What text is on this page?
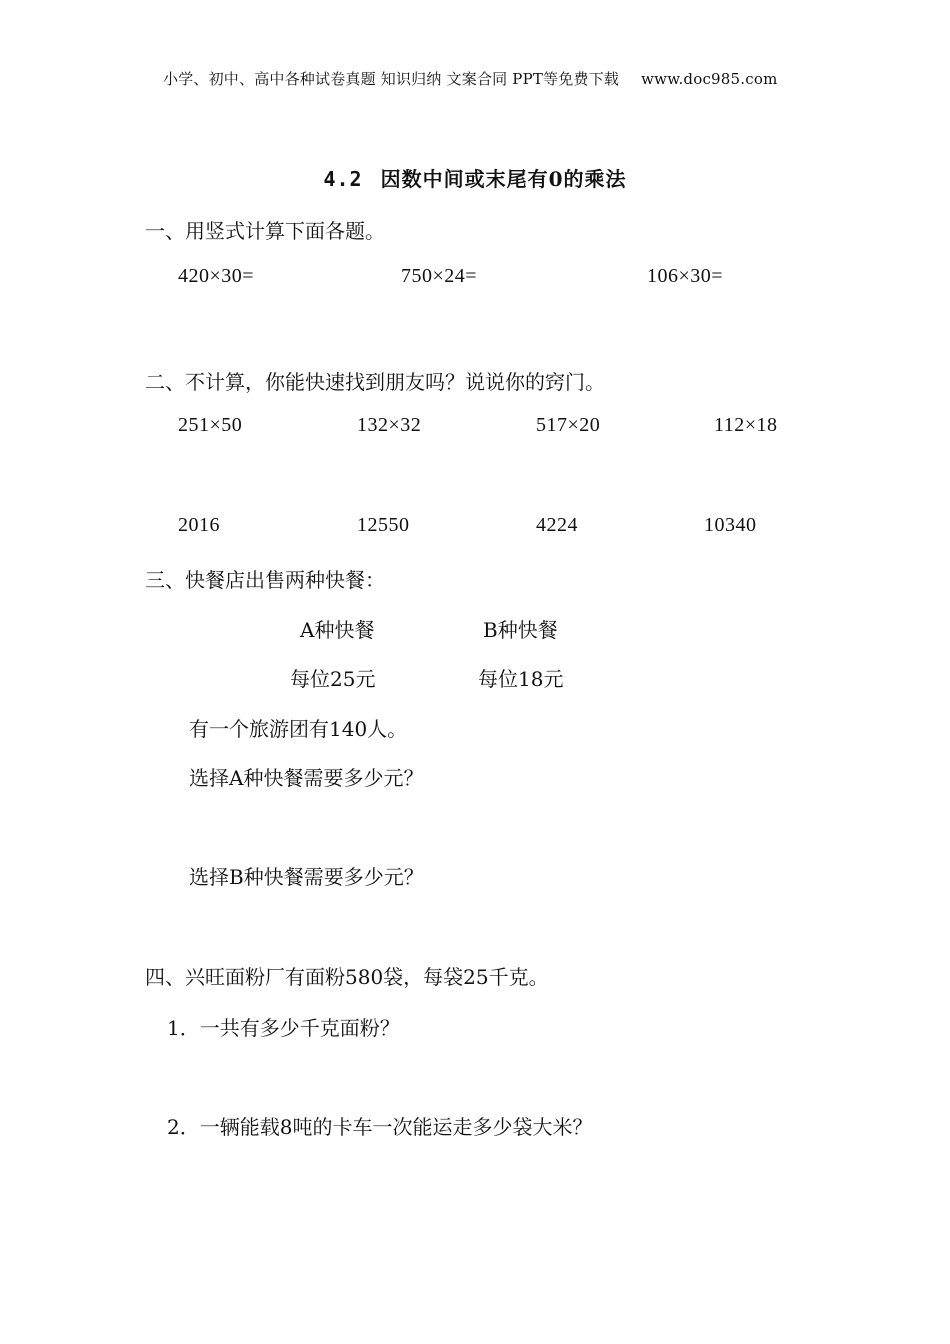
小学、初中、高中各种试卷真题 知识归纳 文案合同 PPT等免费下载 www.doc985.com
4.2 因数中间或末尾有0的乘法
一、用竖式计算下面各题。
420×30=	750×24=	106×30=
二、不计算，你能快速找到朋友吗？说说你的窍门。
251×50	132×32	517×20	112×18
2016	12550	4224	10340
三、快餐店出售两种快餐：
A种快餐	B种快餐
每位25元	每位18元
有一个旅游团有140人。
选择A种快餐需要多少元？
选择B种快餐需要多少元？
四、兴旺面粉厂有面粉580袋，每袋25千克。
1．一共有多少千克面粉？
2．一辆能载8吨的卡车一次能运走多少袋大米？
